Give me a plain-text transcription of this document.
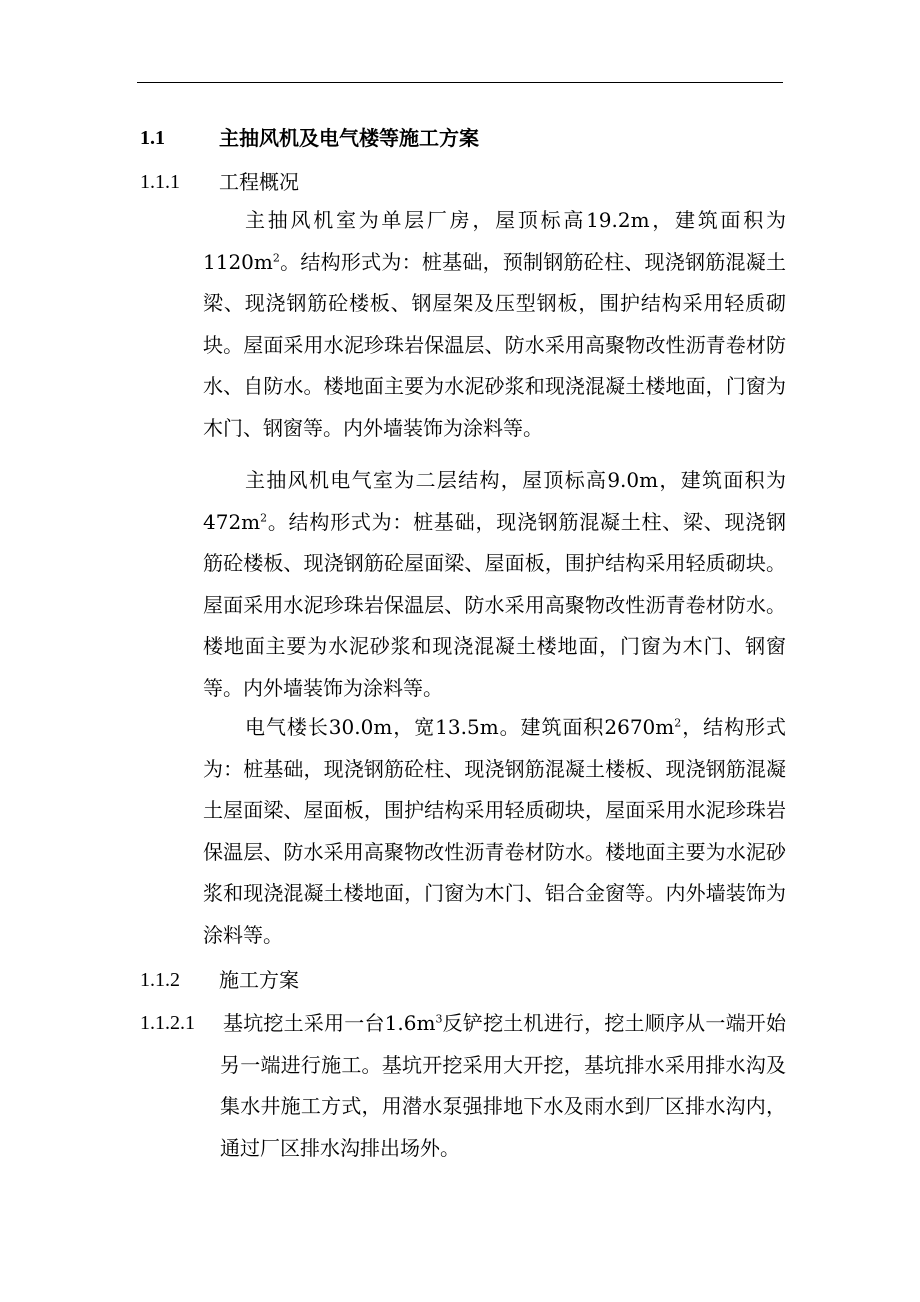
1.1	主抽风机及电气楼等施工方案
1.1.1 工程概况
主抽风机室为单层厂房，屋顶标高19.2m，建筑面积为$1120m^2$。结构形式为：桩基础，预制钢筋砼柱、现浇钢筋混凝土梁、现浇钢筋砼楼板、钢屋架及压型钢板，围护结构采用轻质砌块。屋面采用水泥珍珠岩保温层、防水采用高聚物改性沥青卷材防水、自防水。楼地面主要为水泥砂浆和现浇混凝土楼地面，门窗为木门、钢窗等。内外墙装饰为涂料等。
主抽风机电气室为二层结构，屋顶标高9.0m，建筑面积为$472m^2$。结构形式为：桩基础，现浇钢筋混凝土柱、梁、现浇钢筋砼楼板、现浇钢筋砼屋面梁、屋面板，围护结构采用轻质砌块。屋面采用水泥珍珠岩保温层、防水采用高聚物改性沥青卷材防水。楼地面主要为水泥砂浆和现浇混凝土楼地面，门窗为木门、钢窗等。内外墙装饰为涂料等。
电气楼长30.0m，宽13.5m。建筑面积$2670m^2$，结构形式为：桩基础，现浇钢筋砼柱、现浇钢筋混凝土楼板、现浇钢筋混凝土屋面梁、屋面板，围护结构采用轻质砌块，屋面采用水泥珍珠岩保温层、防水采用高聚物改性沥青卷材防水。楼地面主要为水泥砂浆和现浇混凝土楼地面，门窗为木门、铝合金窗等。内外墙装饰为涂料等。
1.1.2 施工方案
1.1.2.1 基坑挖土采用一台$1.6m^3$反铲挖土机进行，挖土顺序从一端开始另一端进行施工。基坑开挖采用大开挖，基坑排水采用排水沟及集水井施工方式，用潜水泵强排地下水及雨水到厂区排水沟内，通过厂区排水沟排出场外。
